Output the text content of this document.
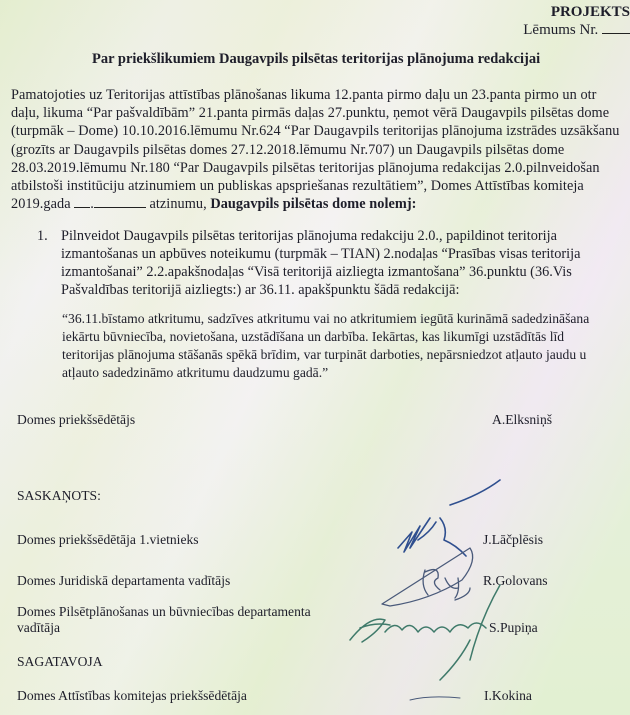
PROJEKTS
Lēmums Nr.
Par priekšlikumiem Daugavpils pilsētas teritorijas plānojuma redakcijai
Pamatojoties uz Teritorijas attīstības plānošanas likuma 12.panta pirmo daļu un 23.panta pirmo un otr
daļu, likuma “Par pašvaldībām” 21.panta pirmās daļas 27.punktu, ņemot vērā Daugavpils pilsētas dome
(turpmāk – Dome) 10.10.2016.lēmumu Nr.624 “Par Daugavpils teritorijas plānojuma izstrādes uzsākšanu
(grozīts ar Daugavpils pilsētas domes 27.12.2018.lēmumu Nr.707) un Daugavpils pilsētas dome
28.03.2019.lēmumu Nr.180 “Par Daugavpils pilsētas teritorijas plānojuma redakcijas 2.0.pilnveidošan
atbilstoši institūciju atzinumiem un publiskas apspriešanas rezultātiem”, Domes Attīstības komiteja
2019.gada .	atzinumu, Daugavpils pilsētas dome nolemj:
1. Pilnveidot Daugavpils pilsētas teritorijas plānojuma redakciju 2.0., papildinot teritorija
izmantošanas un apbūves noteikumu (turpmāk – TIAN) 2.nodaļas “Prasības visas teritorija
izmantošanai” 2.2.apakšnodaļas “Visā teritorijā aizliegta izmantošana” 36.punktu (36.Vis
Pašvaldības teritorijā aizliegts:) ar 36.11. apakšpunktu šādā redakcijā:
“36.11.bīstamo atkritumu, sadzīves atkritumu vai no atkritumiem iegūtā kurināmā sadedzināšana
iekārtu būvniecība, novietošana, uzstādīšana un darbība. Iekārtas, kas likumīgi uzstādītās līd
teritorijas plānojuma stāšanās spēkā brīdim, var turpināt darboties, nepārsniedzot atļauto jaudu u
atļauto sadedzināmo atkritumu daudzumu gadā.”
Domes priekšsēdētājs	A.Elksniņš
SASKAŅOTS:
Domes priekšsēdētāja 1.vietnieks	J.Lāčplēsis
Domes Juridiskā departamenta vadītājs	R.Golovans
Domes Pilsētplānošanas un būvniecības departamenta
vadītāja	S.Pupiņa
SAGATAVOJA
Domes Attīstības komitejas priekšsēdētāja	I.Kokina
